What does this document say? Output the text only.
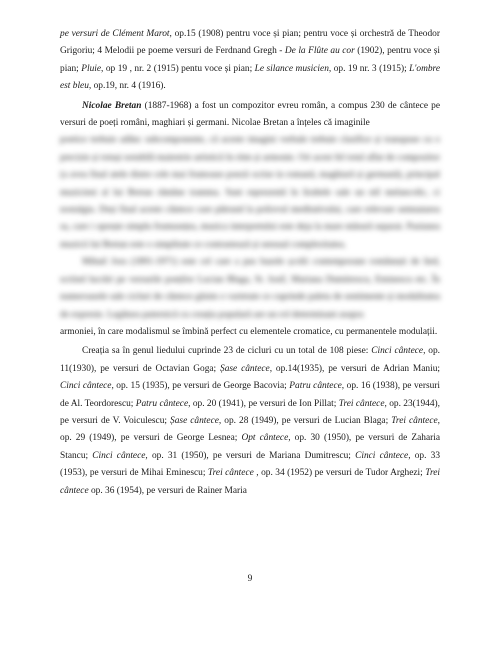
pe versuri de Clément Marot, op.15 (1908) pentru voce și pian; pentru voce și orchestră de Theodor Grigoriu; 4 Melodii pe poeme versuri de Ferdnand Gregh - De la Flûte au cor (1902), pentru voce și pian; Pluie, op 19 , nr. 2 (1915) pentu voce și pian; Le silance musicien, op. 19 nr. 3 (1915); L'ombre est bleu, op.19, nr. 4 (1916).

Nicolae Bretan (1887-1968) a fost un compozitor evreu român, a compus 230 de cântece pe versuri de poeți români, maghiari și germani. Nicolae Bretan a înțeles că imaginile

poetice trebuie adânc subcomponente, că aceste imagini verbale trebuie clasifice și transpuse cu o precizie și totuși notabilă maiestrie artistică în ritm și armonie. Ori acest fel totul aflat de compozitor (a avea final atele distre cele mai frumoase poezii scrise in romană, maghiară și germană), principal muzicieni al lui Bretan rămâne tramma. Sunt reprezentă în lirabele sale un stil melancolic, ci nostalgia. Deși final aceste cântece care pătrund la poliovul meditativului, care relevare semnatarea sa, care i oprește simplu frumusețea, muzica interpretului este deja la mare măsură separat. Pasiunea muzicii lui Bretan este o simplitate ce contrastează și sensual complexitatea.

Mihail Jora (1891-1971) este cel care a pus bazele școlii contemporane românești de lied, scriind lucrări pe versurile poeților Lucian Blaga, St. Iosif, Mariana Dumitrescu, Eminescu etc. În numeroasele sale cicluri de cântece găsim o varietate ce cuprinde paleta de sentimente și modalitatea de expresie. Legătura puternică cu creația populară are un rol determinant asupra

armoniei, în care modalismul se îmbină perfect cu elementele cromatice, cu permanentele modulații.

Creația sa în genul liedului cuprinde 23 de cicluri cu un total de 108 piese: Cinci cântece, op. 11(1930), pe versuri de Octavian Goga; Șase cântece, op.14(1935), pe versuri de Adrian Maniu; Cinci cântece, op. 15 (1935), pe versuri de George Bacovia; Patru cântece, op. 16 (1938), pe versuri de Al. Teordorescu; Patru cântece, op. 20 (1941), pe versuri de Ion Pillat; Trei cântece, op. 23(1944), pe versuri de V. Voiculescu; Șase cântece, op. 28 (1949), pe versuri de Lucian Blaga; Trei cântece, op. 29 (1949), pe versuri de George Lesnea; Opt cântece, op. 30 (1950), pe versuri de Zaharia Stancu; Cinci cântece, op. 31 (1950), pe versuri de Mariana Dumitrescu; Cinci cântece, op. 33 (1953), pe versuri de Mihai Eminescu; Trei cântece , op. 34 (1952) pe versuri de Tudor Arghezi; Trei cântece op. 36 (1954), pe versuri de Rainer Maria

9
